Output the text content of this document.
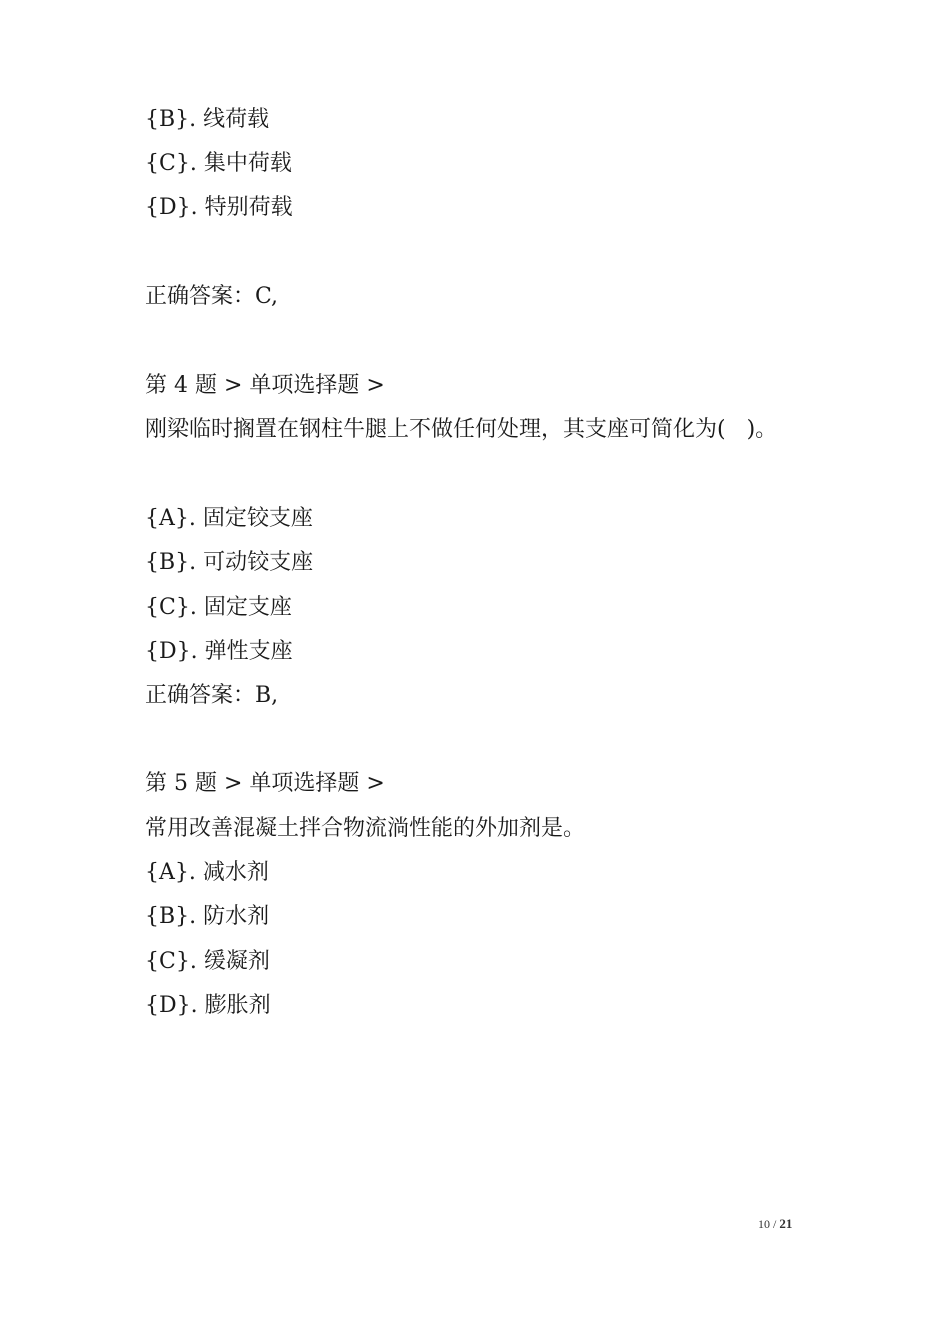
{B}. 线荷载
{C}. 集中荷载
{D}. 特别荷载
正确答案：C,
第 4 题 > 单项选择题 >
刚梁临时搁置在钢柱牛腿上不做任何处理，其支座可简化为(   )。
{A}. 固定铰支座
{B}. 可动铰支座
{C}. 固定支座
{D}. 弹性支座
正确答案：B,
第 5 题 > 单项选择题 >
常用改善混凝土拌合物流淌性能的外加剂是。
{A}. 减水剂
{B}. 防水剂
{C}. 缓凝剂
{D}. 膨胀剂
10 / 21
